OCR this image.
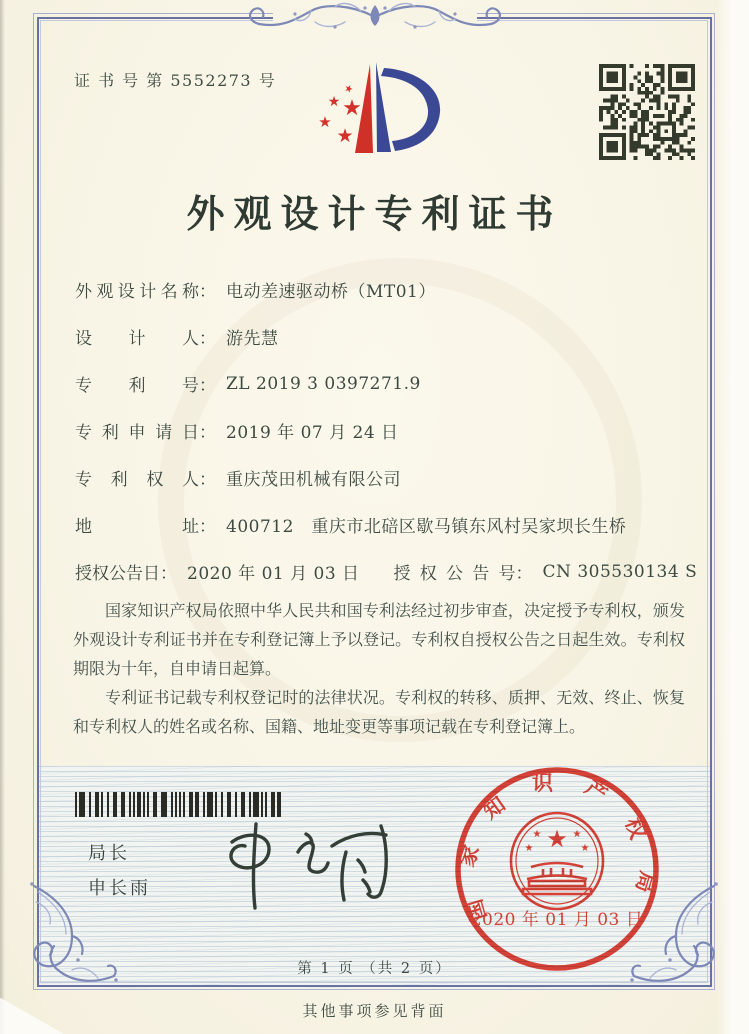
证 书 号 第 5552273 号
★
★
★
★
★
外观设计专利证书
外观设计名称 ： 电动差速驱动桥（MT01）
设计人 ： 游先慧
专利号 ： ZL 2019 3 0397271.9
专利申请日 ： 2019 年 07 月 24 日
专利权人 ： 重庆茂田机械有限公司
地址 ： 400712　重庆市北碚区歇马镇东风村吴家坝长生桥
授权公告日 ： 2020 年 01 月 03 日 授权公告号 ： CN 305530134 S

国家知识产权局依照中华人民共和国专利法经过初步审查，决定授予专利权，颁发外观设计专利证书并在专利登记簿上予以登记。专利权自授权公告之日起生效。专利权期限为十年，自申请日起算。

专利证书记载专利权登记时的法律状况。专利权的转移、质押、无效、终止、恢复和专利权人的姓名或名称、国籍、地址变更等事项记载在专利登记簿上。

局长
申长雨	国家知识产权局
★
★	★
★	★
2020 年 01 月 03 日
第 1 页 （共 2 页）
其他事项参见背面
